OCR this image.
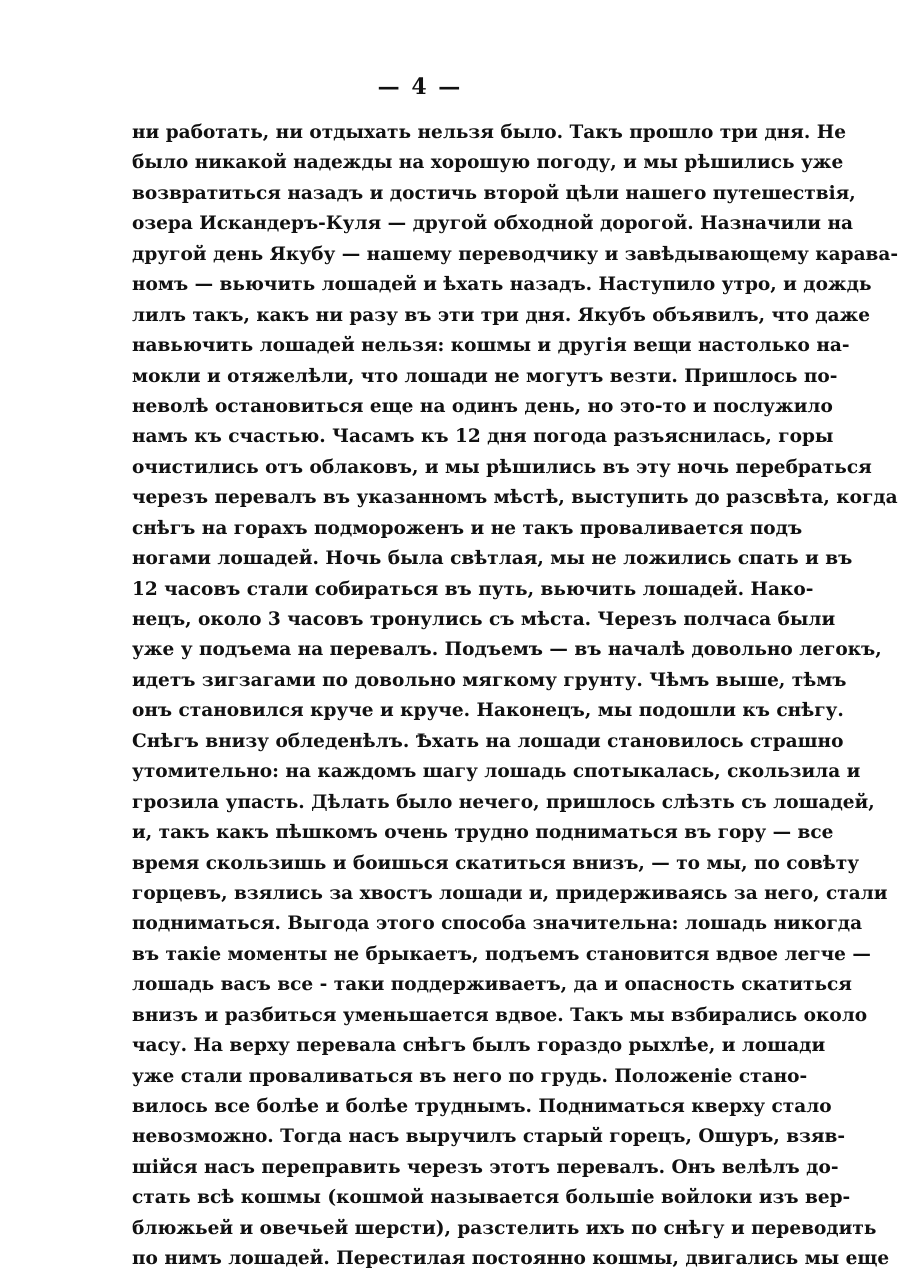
— 4 —
ни работать, ни отдыхать нельзя было. Такъ прошло три дня. Не
было никакой надежды на хорошую погоду, и мы рѣшились уже
возвратиться назадъ и достичь второй цѣли нашего путешествія,
озера Искандеръ-Куля — другой обходной дорогой. Назначили на
другой день Якубу — нашему переводчику и завѣдывающему карава-
номъ — вьючить лошадей и ѣхать назадъ. Наступило утро, и дождь
лилъ такъ, какъ ни разу въ эти три дня. Якубъ объявилъ, что даже
навьючить лошадей нельзя: кошмы и другія вещи настолько на-
мокли и отяжелѣли, что лошади не могутъ везти. Пришлось по-
неволѣ остановиться еще на одинъ день, но это-то и послужило
намъ къ счастью. Часамъ къ 12 дня погода разъяснилась, горы
очистились отъ облаковъ, и мы рѣшились въ эту ночь перебраться
черезъ перевалъ въ указанномъ мѣстѣ, выступить до разсвѣта, когда
снѣгъ на горахъ подмороженъ и не такъ проваливается подъ
ногами лошадей. Ночь была свѣтлая, мы не ложились спать и въ
12 часовъ стали собираться въ путь, вьючить лошадей. Нако-
нецъ, около 3 часовъ тронулись съ мѣста. Черезъ полчаса были
уже у подъема на перевалъ. Подъемъ — въ началѣ довольно легокъ,
идетъ зигзагами по довольно мягкому грунту. Чѣмъ выше, тѣмъ
онъ становился круче и круче. Наконецъ, мы подошли къ снѣгу.
Снѣгъ внизу обледенѣлъ. Ѣхать на лошади становилось страшно
утомительно: на каждомъ шагу лошадь спотыкалась, скользила и
грозила упасть. Дѣлать было нечего, пришлось слѣзть съ лошадей,
и, такъ какъ пѣшкомъ очень трудно подниматься въ гору — все
время скользишь и боишься скатиться внизъ, — то мы, по совѣту
горцевъ, взялись за хвостъ лошади и, придерживаясь за него, стали
подниматься. Выгода этого способа значительна: лошадь никогда
въ такіе моменты не брыкаетъ, подъемъ становится вдвое легче —
лошадь васъ все - таки поддерживаетъ, да и опасность скатиться
внизъ и разбиться уменьшается вдвое. Такъ мы взбирались около
часу. На верху перевала снѣгъ былъ гораздо рыхлѣе, и лошади
уже стали проваливаться въ него по грудь. Положеніе стано-
вилось все болѣе и болѣе труднымъ. Подниматься кверху стало
невозможно. Тогда насъ выручилъ старый горецъ, Ошуръ, взяв-
шійся насъ переправить черезъ этотъ перевалъ. Онъ велѣлъ до-
стать всѣ кошмы (кошмой называется большіе войлоки изъ вер-
блюжьей и овечьей шерсти), разстелить ихъ по снѣгу и переводить
по нимъ лошадей. Перестилая постоянно кошмы, двигались мы еще
